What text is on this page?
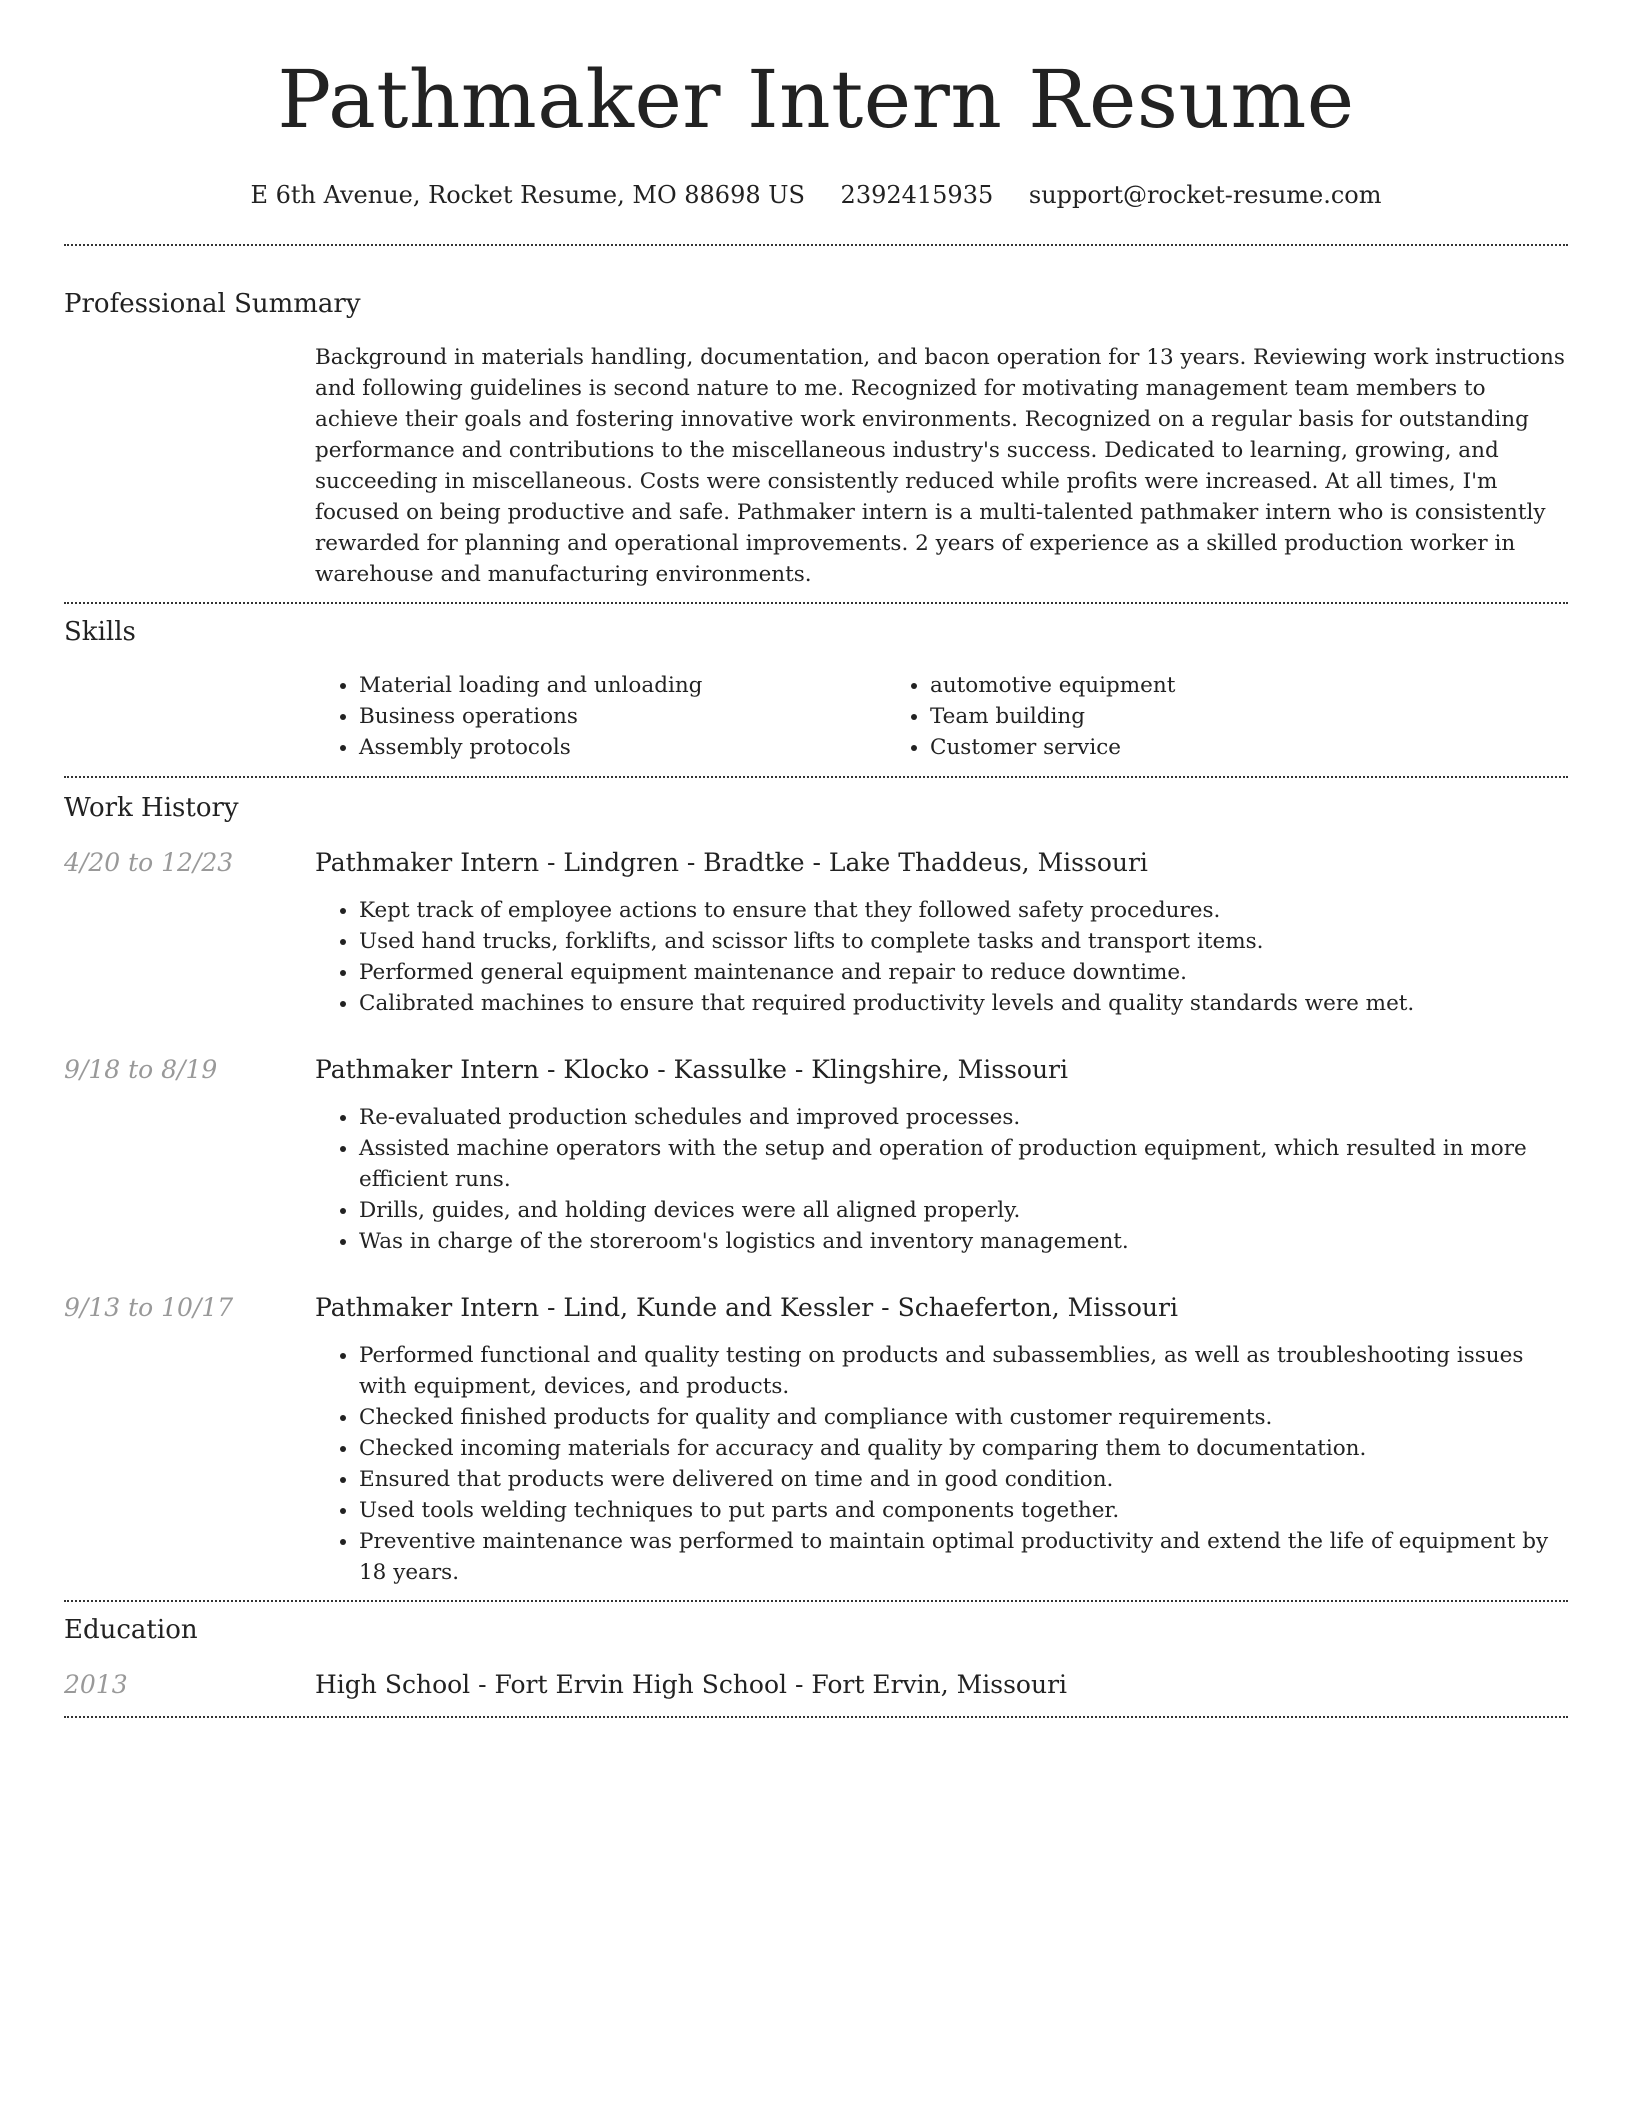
Pathmaker Intern Resume
E 6th Avenue, Rocket Resume, MO 88698 US 2392415935 support@rocket-resume.com
Professional Summary

Background in materials handling, documentation, and bacon operation for 13 years. Reviewing work instructions and following guidelines is second nature to me. Recognized for motivating management team members to achieve their goals and fostering innovative work environments. Recognized on a regular basis for outstanding performance and contributions to the miscellaneous industry's success. Dedicated to learning, growing, and succeeding in miscellaneous. Costs were consistently reduced while profits were increased. At all times, I'm focused on being productive and safe. Pathmaker intern is a multi-talented pathmaker intern who is consistently rewarded for planning and operational improvements. 2 years of experience as a skilled production worker in warehouse and manufacturing environments.

Skills
• Material loading and unloading
• Business operations
• Assembly protocols
• automotive equipment
• Team building
• Customer service
Work History
4/20 to 12/23	Pathmaker Intern - Lindgren - Bradtke - Lake Thaddeus, Missouri
• Kept track of employee actions to ensure that they followed safety procedures.
• Used hand trucks, forklifts, and scissor lifts to complete tasks and transport items.
• Performed general equipment maintenance and repair to reduce downtime.
• Calibrated machines to ensure that required productivity levels and quality standards were met.
9/18 to 8/19	Pathmaker Intern - Klocko - Kassulke - Klingshire, Missouri
• Re-evaluated production schedules and improved processes.
• Assisted machine operators with the setup and operation of production equipment, which resulted in more efficient runs.
• Drills, guides, and holding devices were all aligned properly.
• Was in charge of the storeroom's logistics and inventory management.
9/13 to 10/17	Pathmaker Intern - Lind, Kunde and Kessler - Schaeferton, Missouri
• Performed functional and quality testing on products and subassemblies, as well as troubleshooting issues with equipment, devices, and products.
• Checked finished products for quality and compliance with customer requirements.
• Checked incoming materials for accuracy and quality by comparing them to documentation.
• Ensured that products were delivered on time and in good condition.
• Used tools welding techniques to put parts and components together.
• Preventive maintenance was performed to maintain optimal productivity and extend the life of equipment by 18 years.
Education
2013	High School - Fort Ervin High School - Fort Ervin, Missouri
